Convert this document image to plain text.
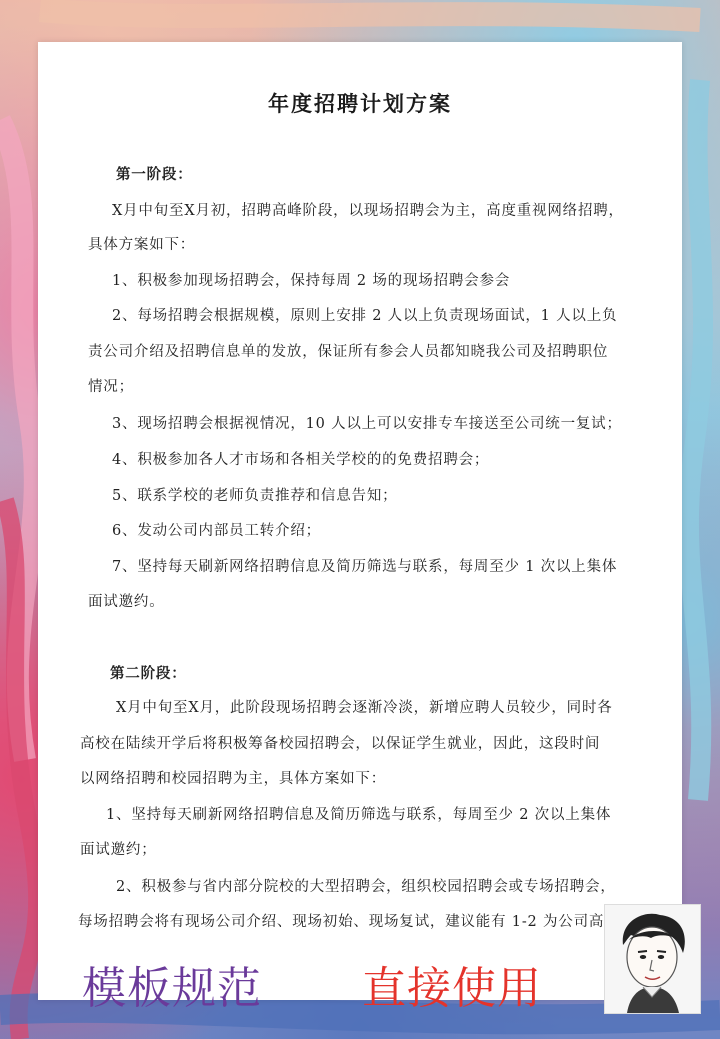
年度招聘计划方案

第一阶段：

X月中旬至X月初，招聘高峰阶段，以现场招聘会为主，高度重视网络招聘，

具体方案如下：

1、积极参加现场招聘会，保持每周 2 场的现场招聘会参会

2、每场招聘会根据规模，原则上安排 2 人以上负责现场面试，1 人以上负

责公司介绍及招聘信息单的发放，保证所有参会人员都知晓我公司及招聘职位

情况；

3、现场招聘会根据视情况，10 人以上可以安排专车接送至公司统一复试；

4、积极参加各人才市场和各相关学校的的免费招聘会；

5、联系学校的老师负责推荐和信息告知；

6、发动公司内部员工转介绍；

7、坚持每天刷新网络招聘信息及简历筛选与联系，每周至少 1 次以上集体

面试邀约。

第二阶段：

X月中旬至X月，此阶段现场招聘会逐渐冷淡，新增应聘人员较少，同时各

高校在陆续开学后将积极筹备校园招聘会，以保证学生就业，因此，这段时间

以网络招聘和校园招聘为主，具体方案如下：

1、坚持每天刷新网络招聘信息及简历筛选与联系，每周至少 2 次以上集体

面试邀约；

2、积极参与省内部分院校的大型招聘会，组织校园招聘会或专场招聘会，

每场招聘会将有现场公司介绍、现场初始、现场复试，建议能有 1-2 为公司高

模板规范 直接使用
